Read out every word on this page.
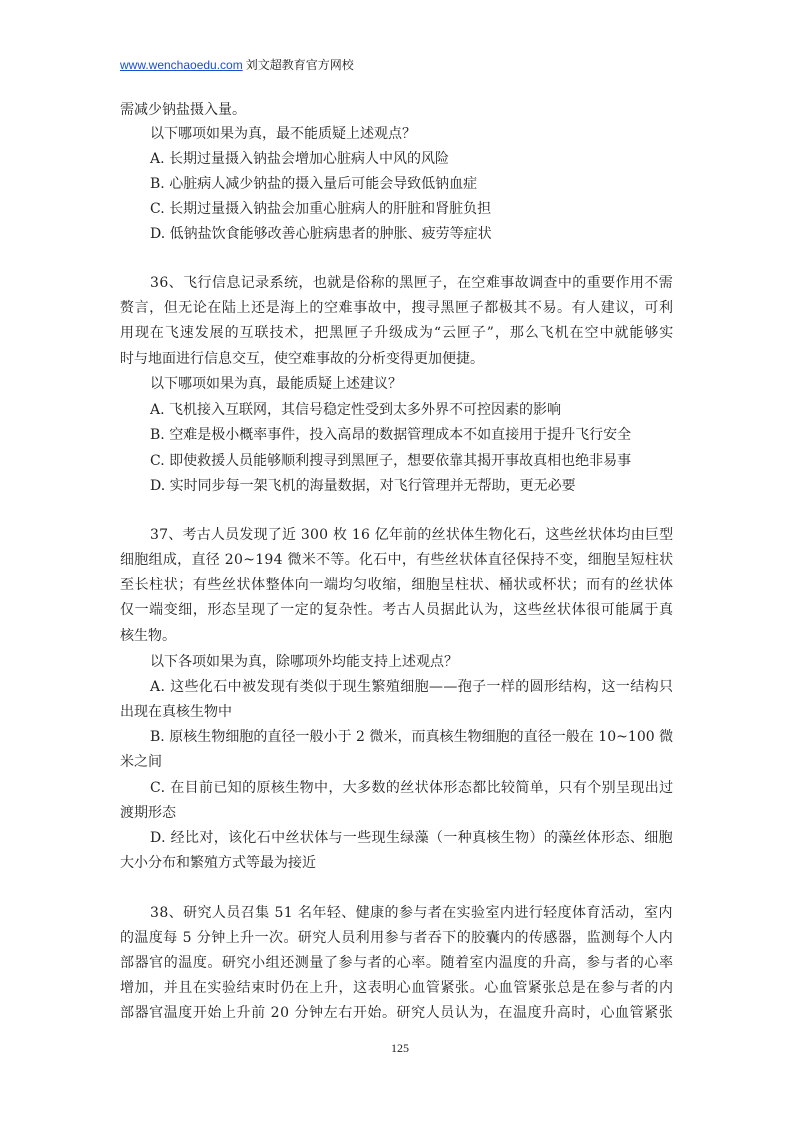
www.wenchaoedu.com 刘文超教育官方网校
需减少钠盐摄入量。
以下哪项如果为真，最不能质疑上述观点？
A. 长期过量摄入钠盐会增加心脏病人中风的风险
B. 心脏病人减少钠盐的摄入量后可能会导致低钠血症
C. 长期过量摄入钠盐会加重心脏病人的肝脏和肾脏负担
D. 低钠盐饮食能够改善心脏病患者的肿胀、疲劳等症状
36、飞行信息记录系统，也就是俗称的黑匣子，在空难事故调查中的重要作用不需
赘言，但无论在陆上还是海上的空难事故中，搜寻黑匣子都极其不易。有人建议，可利
用现在飞速发展的互联技术，把黑匣子升级成为“云匣子”，那么飞机在空中就能够实
时与地面进行信息交互，使空难事故的分析变得更加便捷。
以下哪项如果为真，最能质疑上述建议？
A. 飞机接入互联网，其信号稳定性受到太多外界不可控因素的影响
B. 空难是极小概率事件，投入高昂的数据管理成本不如直接用于提升飞行安全
C. 即使救援人员能够顺利搜寻到黑匣子，想要依靠其揭开事故真相也绝非易事
D. 实时同步每一架飞机的海量数据，对飞行管理并无帮助，更无必要
37、考古人员发现了近 300 枚 16 亿年前的丝状体生物化石，这些丝状体均由巨型
细胞组成，直径 20~194 微米不等。化石中，有些丝状体直径保持不变，细胞呈短柱状
至长柱状；有些丝状体整体向一端均匀收缩，细胞呈柱状、桶状或杯状；而有的丝状体
仅一端变细，形态呈现了一定的复杂性。考古人员据此认为，这些丝状体很可能属于真
核生物。
以下各项如果为真，除哪项外均能支持上述观点？
A. 这些化石中被发现有类似于现生繁殖细胞——孢子一样的圆形结构，这一结构只
出现在真核生物中
B. 原核生物细胞的直径一般小于 2 微米，而真核生物细胞的直径一般在 10~100 微
米之间
C. 在目前已知的原核生物中，大多数的丝状体形态都比较简单，只有个别呈现出过
渡期形态
D. 经比对，该化石中丝状体与一些现生绿藻（一种真核生物）的藻丝体形态、细胞
大小分布和繁殖方式等最为接近
38、研究人员召集 51 名年轻、健康的参与者在实验室内进行轻度体育活动，室内
的温度每 5 分钟上升一次。研究人员利用参与者吞下的胶囊内的传感器，监测每个人内
部器官的温度。研究小组还测量了参与者的心率。随着室内温度的升高，参与者的心率
增加，并且在实验结束时仍在上升，这表明心血管紧张。心血管紧张总是在参与者的内
部器官温度开始上升前 20 分钟左右开始。研究人员认为，在温度升高时，心血管紧张
125
